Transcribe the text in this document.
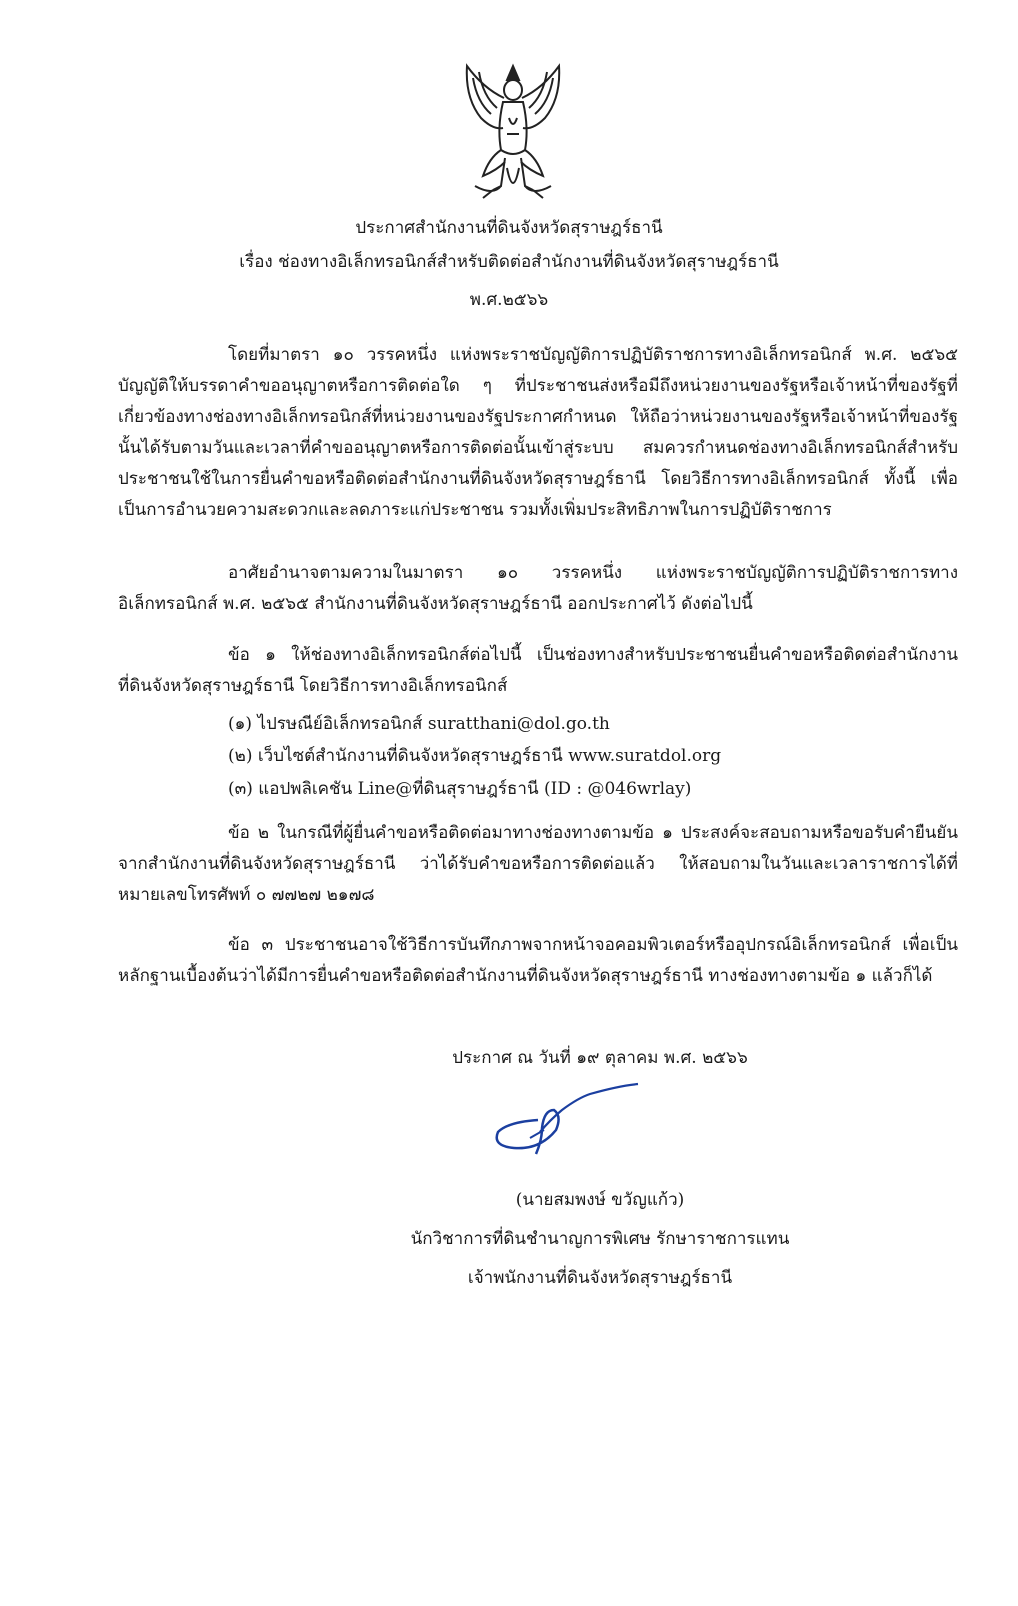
ประกาศสำนักงานที่ดินจังหวัดสุราษฎร์ธานี
เรื่อง ช่องทางอิเล็กทรอนิกส์สำหรับติดต่อสำนักงานที่ดินจังหวัดสุราษฎร์ธานี
พ.ศ.๒๕๖๖
โดยที่มาตรา ๑๐ วรรคหนึ่ง แห่งพระราชบัญญัติการปฏิบัติราชการทางอิเล็กทรอนิกส์ พ.ศ. ๒๕๖๕ บัญญัติให้บรรดาคำขออนุญาตหรือการติดต่อใด ๆ ที่ประชาชนส่งหรือมีถึงหน่วยงานของรัฐหรือเจ้าหน้าที่ของรัฐที่เกี่ยวข้องทางช่องทางอิเล็กทรอนิกส์ที่หน่วยงานของรัฐประกาศกำหนด ให้ถือว่าหน่วยงานของรัฐหรือเจ้าหน้าที่ของรัฐนั้นได้รับตามวันและเวลาที่คำขออนุญาตหรือการติดต่อนั้นเข้าสู่ระบบ สมควรกำหนดช่องทางอิเล็กทรอนิกส์สำหรับประชาชนใช้ในการยื่นคำขอหรือติดต่อสำนักงานที่ดินจังหวัดสุราษฎร์ธานี โดยวิธีการทางอิเล็กทรอนิกส์ ทั้งนี้ เพื่อเป็นการอำนวยความสะดวกและลดภาระแก่ประชาชน รวมทั้งเพิ่มประสิทธิภาพในการปฏิบัติราชการ
อาศัยอำนาจตามความในมาตรา ๑๐ วรรคหนึ่ง แห่งพระราชบัญญัติการปฏิบัติราชการทางอิเล็กทรอนิกส์ พ.ศ. ๒๕๖๕ สำนักงานที่ดินจังหวัดสุราษฎร์ธานี ออกประกาศไว้ ดังต่อไปนี้
ข้อ ๑ ให้ช่องทางอิเล็กทรอนิกส์ต่อไปนี้ เป็นช่องทางสำหรับประชาชนยื่นคำขอหรือติดต่อสำนักงานที่ดินจังหวัดสุราษฎร์ธานี โดยวิธีการทางอิเล็กทรอนิกส์
(๑) ไปรษณีย์อิเล็กทรอนิกส์ suratthani@dol.go.th
(๒) เว็บไซต์สำนักงานที่ดินจังหวัดสุราษฎร์ธานี www.suratdol.org
(๓) แอปพลิเคชัน Line@ที่ดินสุราษฎร์ธานี (ID : @046wrlay)
ข้อ ๒ ในกรณีที่ผู้ยื่นคำขอหรือติดต่อมาทางช่องทางตามข้อ ๑ ประสงค์จะสอบถามหรือขอรับคำยืนยันจากสำนักงานที่ดินจังหวัดสุราษฎร์ธานี ว่าได้รับคำขอหรือการติดต่อแล้ว ให้สอบถามในวันและเวลาราชการได้ที่หมายเลขโทรศัพท์ ๐ ๗๗๒๗ ๒๑๗๘
ข้อ ๓ ประชาชนอาจใช้วิธีการบันทึกภาพจากหน้าจอคอมพิวเตอร์หรืออุปกรณ์อิเล็กทรอนิกส์ เพื่อเป็นหลักฐานเบื้องต้นว่าได้มีการยื่นคำขอหรือติดต่อสำนักงานที่ดินจังหวัดสุราษฎร์ธานี ทางช่องทางตามข้อ ๑ แล้วก็ได้
ประกาศ ณ วันที่ ๑๙ ตุลาคม พ.ศ. ๒๕๖๖
(นายสมพงษ์ ขวัญแก้ว)
นักวิชาการที่ดินชำนาญการพิเศษ รักษาราชการแทน
เจ้าพนักงานที่ดินจังหวัดสุราษฎร์ธานี
